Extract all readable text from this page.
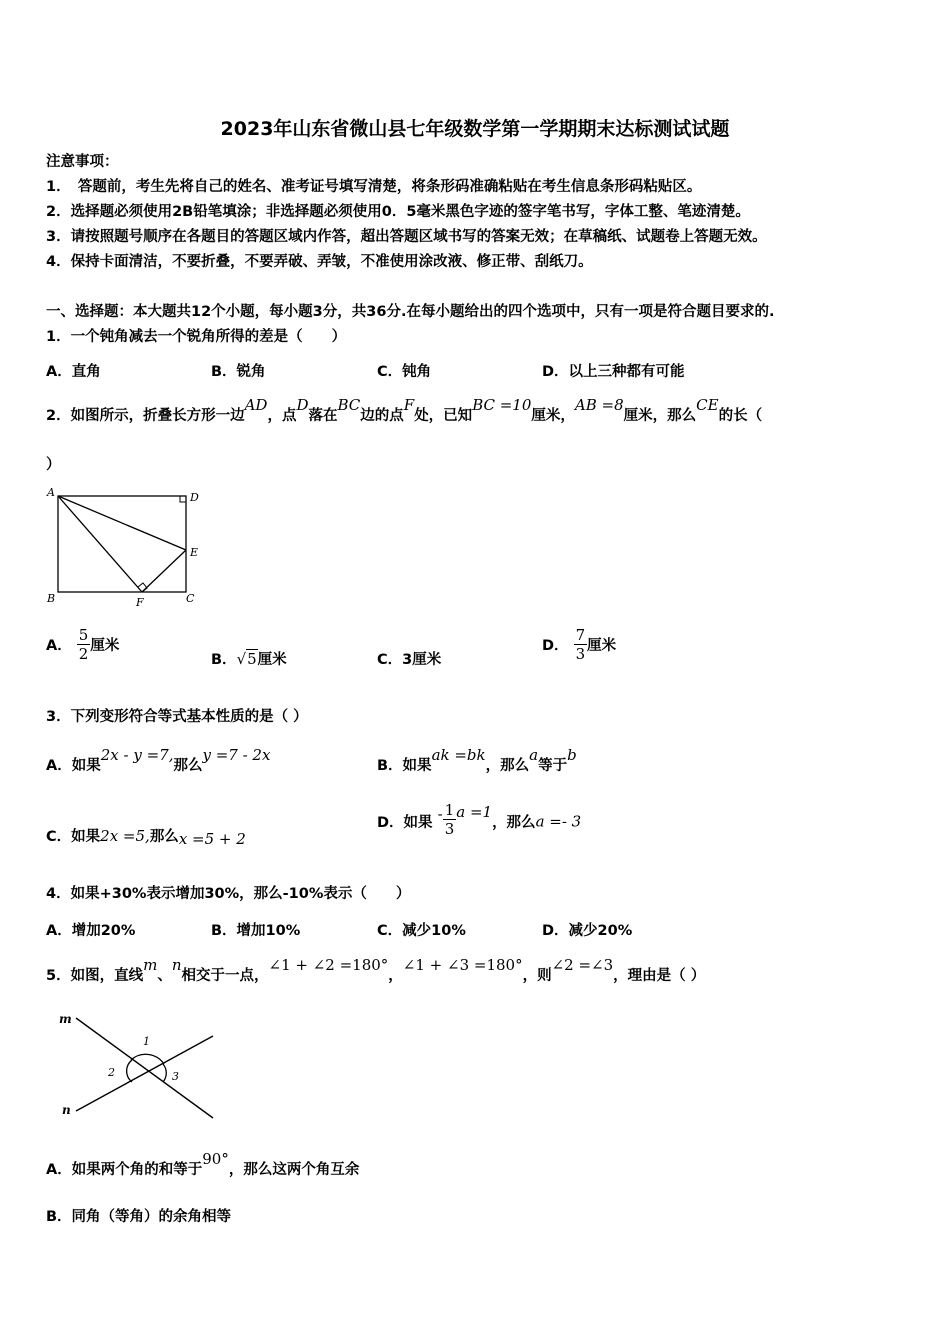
2023年山东省微山县七年级数学第一学期期末达标测试试题
注意事项：
1．　答题前，考生先将自己的姓名、准考证号填写清楚，将条形码准确粘贴在考生信息条形码粘贴区。
2．选择题必须使用2B铅笔填涂；非选择题必须使用0．5毫米黑色字迹的签字笔书写，字体工整、笔迹清楚。
3．请按照题号顺序在各题目的答题区域内作答，超出答题区域书写的答案无效；在草稿纸、试题卷上答题无效。
4．保持卡面清洁，不要折叠，不要弄破、弄皱，不准使用涂改液、修正带、刮纸刀。
一、选择题：本大题共12个小题，每小题3分，共36分.在每小题给出的四个选项中，只有一项是符合题目要求的.
1．一个钝角减去一个锐角所得的差是（　　）
A．直角	B．锐角	C．钝角	D．以上三种都有可能
2．如图所示，折叠长方形一边AD，点D落在BC边的点F处，已知BC =10厘米，AB =8厘米，那么CE的长（
）
A	D
E
B	F	C
A． $\frac{5}{2}$ 厘米
B．√5厘米	C．3厘米
D． $\frac{7}{3}$ 厘米
3．下列变形符合等式基本性质的是（ ）
A．如果2x - y =7,那么y =7 - 2x
B．如果ak =bk，那么a等于b
C．如果2x =5,那么x =5 + 2
D．如果 - $\frac{1}{3}$ a =1，那么a =- 3
4．如果+30%表示增加30%，那么-10%表示（　　）
A．增加20%	B．增加10%	C．减少10%	D．减少20%
5．如图，直线m、n相交于一点，∠1 + ∠2 =180°，∠1 + ∠3 =180°，则∠2 =∠3，理由是（ ）
m
n
1
2	3
A．如果两个角的和等于90°，那么这两个角互余
B．同角（等角）的余角相等
